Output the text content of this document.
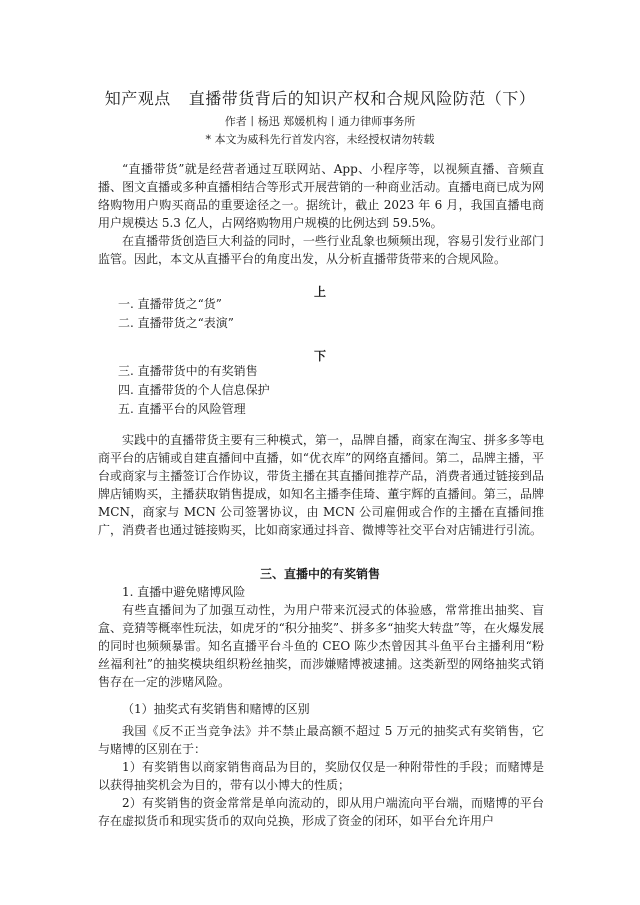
知产观点 直播带货背后的知识产权和合规风险防范（下）
作者丨杨迅 郑媛机构丨通力律师事务所
* 本文为威科先行首发内容，未经授权请勿转载

“直播带货”就是经营者通过互联网站、App、小程序等，以视频直播、音频直播、图文直播或多种直播相结合等形式开展营销的一种商业活动。直播电商已成为网络购物用户购买商品的重要途径之一。据统计，截止 2023 年 6 月，我国直播电商用户规模达 5.3 亿人，占网络购物用户规模的比例达到 59.5%。

在直播带货创造巨大利益的同时，一些行业乱象也频频出现，容易引发行业部门监管。因此，本文从直播平台的角度出发，从分析直播带货带来的合规风险。

上
一. 直播带货之“货”
二. 直播带货之“表演”
下
三. 直播带货中的有奖销售
四. 直播带货的个人信息保护
五. 直播平台的风险管理

实践中的直播带货主要有三种模式，第一，品牌自播，商家在淘宝、拼多多等电商平台的店铺或自建直播间中直播，如“优衣库”的网络直播间。第二，品牌主播，平台或商家与主播签订合作协议，带货主播在其直播间推荐产品，消费者通过链接到品牌店铺购买，主播获取销售提成，如知名主播李佳琦、董宇辉的直播间。第三，品牌 MCN，商家与 MCN 公司签署协议，由 MCN 公司雇佣或合作的主播在直播间推广，消费者也通过链接购买，比如商家通过抖音、微博等社交平台对店铺进行引流。

三、直播中的有奖销售

1. 直播中避免赌博风险

有些直播间为了加强互动性，为用户带来沉浸式的体验感，常常推出抽奖、盲盒、竞猜等概率性玩法，如虎牙的“积分抽奖”、拼多多“抽奖大转盘”等，在火爆发展的同时也频频暴雷。知名直播平台斗鱼的 CEO 陈少杰曾因其斗鱼平台主播利用“粉丝福利社”的抽奖模块组织粉丝抽奖，而涉嫌赌博被逮捕。这类新型的网络抽奖式销售存在一定的涉赌风险。

（1）抽奖式有奖销售和赌博的区别

我国《反不正当竞争法》并不禁止最高额不超过 5 万元的抽奖式有奖销售，它与赌博的区别在于：

1）有奖销售以商家销售商品为目的，奖励仅仅是一种附带性的手段；而赌博是以获得抽奖机会为目的，带有以小博大的性质；

2）有奖销售的资金常常是单向流动的，即从用户端流向平台端，而赌博的平台存在虚拟货币和现实货币的双向兑换，形成了资金的闭环，如平台允许用户
